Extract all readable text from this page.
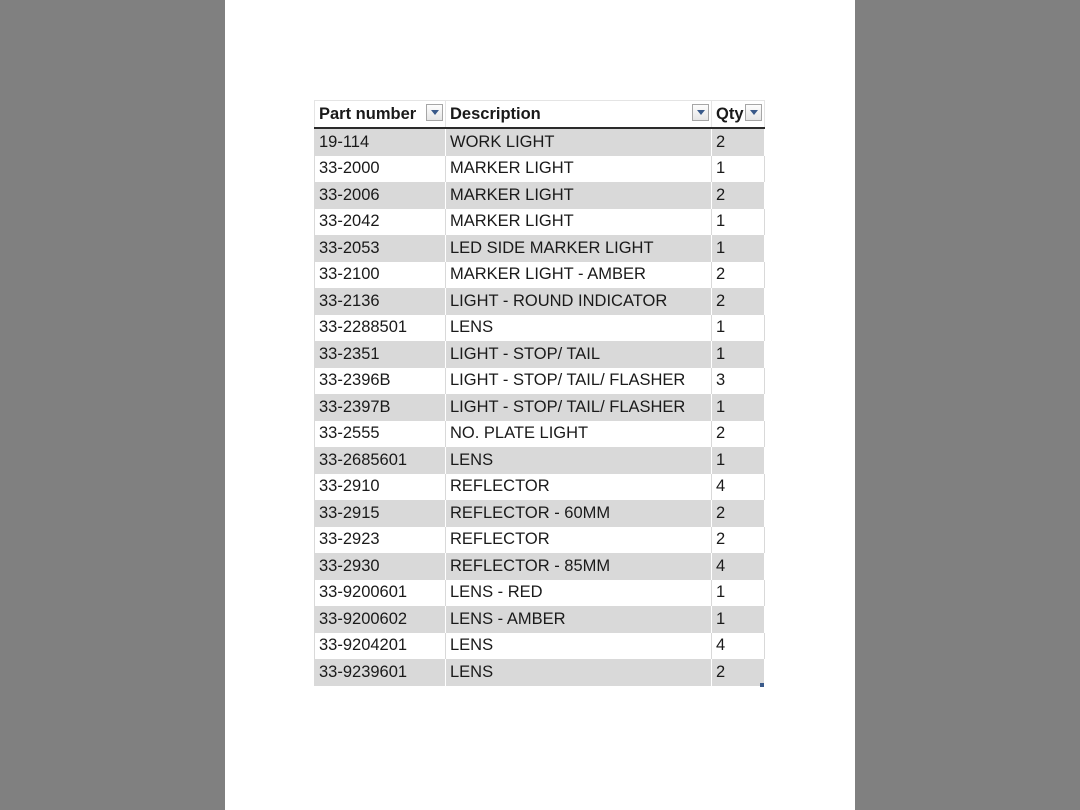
Part number	Description	Qty

19-114	WORK LIGHT	2
33-2000	MARKER LIGHT	1
33-2006	MARKER LIGHT	2
33-2042	MARKER LIGHT	1
33-2053	LED SIDE MARKER LIGHT	1
33-2100	MARKER LIGHT - AMBER	2
33-2136	LIGHT - ROUND INDICATOR	2
33-2288501	LENS	1
33-2351	LIGHT - STOP/ TAIL	1
33-2396B	LIGHT - STOP/ TAIL/ FLASHER	3
33-2397B	LIGHT - STOP/ TAIL/ FLASHER	1
33-2555	NO. PLATE LIGHT	2
33-2685601	LENS	1
33-2910	REFLECTOR	4
33-2915	REFLECTOR - 60MM	2
33-2923	REFLECTOR	2
33-2930	REFLECTOR - 85MM	4
33-9200601	LENS - RED	1
33-9200602	LENS - AMBER	1
33-9204201	LENS	4
33-9239601	LENS	2
